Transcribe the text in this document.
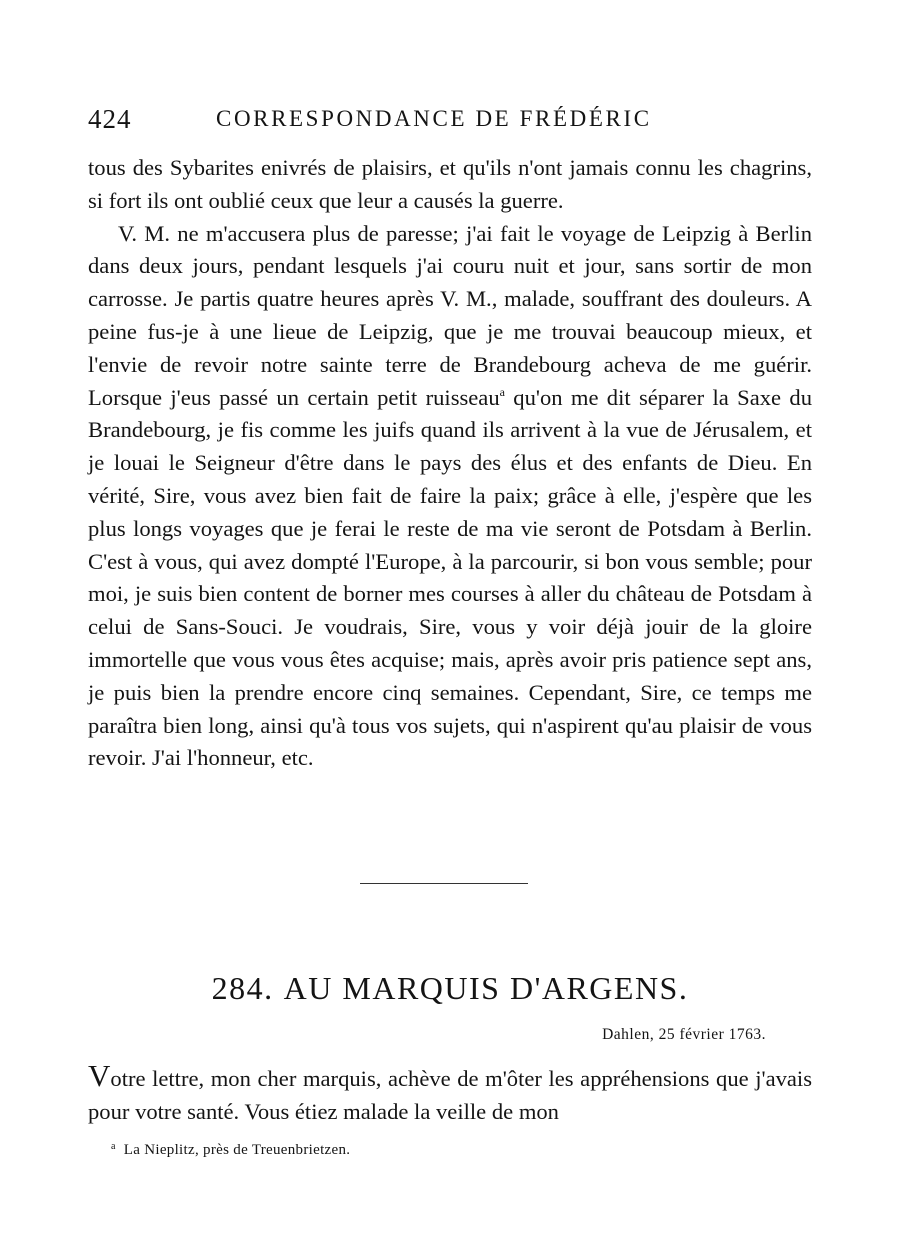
424	CORRESPONDANCE DE FRÉDÉRIC

tous des Sybarites enivrés de plaisirs, et qu'ils n'ont jamais connu les chagrins, si fort ils ont oublié ceux que leur a causés la guerre.

V. M. ne m'accusera plus de paresse; j'ai fait le voyage de Leipzig à Berlin dans deux jours, pendant lesquels j'ai couru nuit et jour, sans sortir de mon carrosse. Je partis quatre heures après V. M., malade, souffrant des douleurs. A peine fus-je à une lieue de Leipzig, que je me trouvai beaucoup mieux, et l'envie de revoir notre sainte terre de Brandebourg acheva de me guérir. Lorsque j'eus passé un certain petit ruisseau$^a$ qu'on me dit séparer la Saxe du Brandebourg, je fis comme les juifs quand ils arrivent à la vue de Jérusalem, et je louai le Seigneur d'être dans le pays des élus et des enfants de Dieu. En vérité, Sire, vous avez bien fait de faire la paix; grâce à elle, j'espère que les plus longs voyages que je ferai le reste de ma vie seront de Potsdam à Berlin. C'est à vous, qui avez dompté l'Europe, à la parcourir, si bon vous semble; pour moi, je suis bien content de borner mes courses à aller du château de Potsdam à celui de Sans-Souci. Je voudrais, Sire, vous y voir déjà jouir de la gloire immortelle que vous vous êtes acquise; mais, après avoir pris patience sept ans, je puis bien la prendre encore cinq semaines. Cependant, Sire, ce temps me paraîtra bien long, ainsi qu'à tous vos sujets, qui n'aspirent qu'au plaisir de vous revoir. J'ai l'honneur, etc.

284. AU MARQUIS D'ARGENS.
Dahlen, 25 février 1763.

Votre lettre, mon cher marquis, achève de m'ôter les appréhensions que j'avais pour votre santé. Vous étiez malade la veille de mon

$^a$ La Nieplitz, près de Treuenbrietzen.
